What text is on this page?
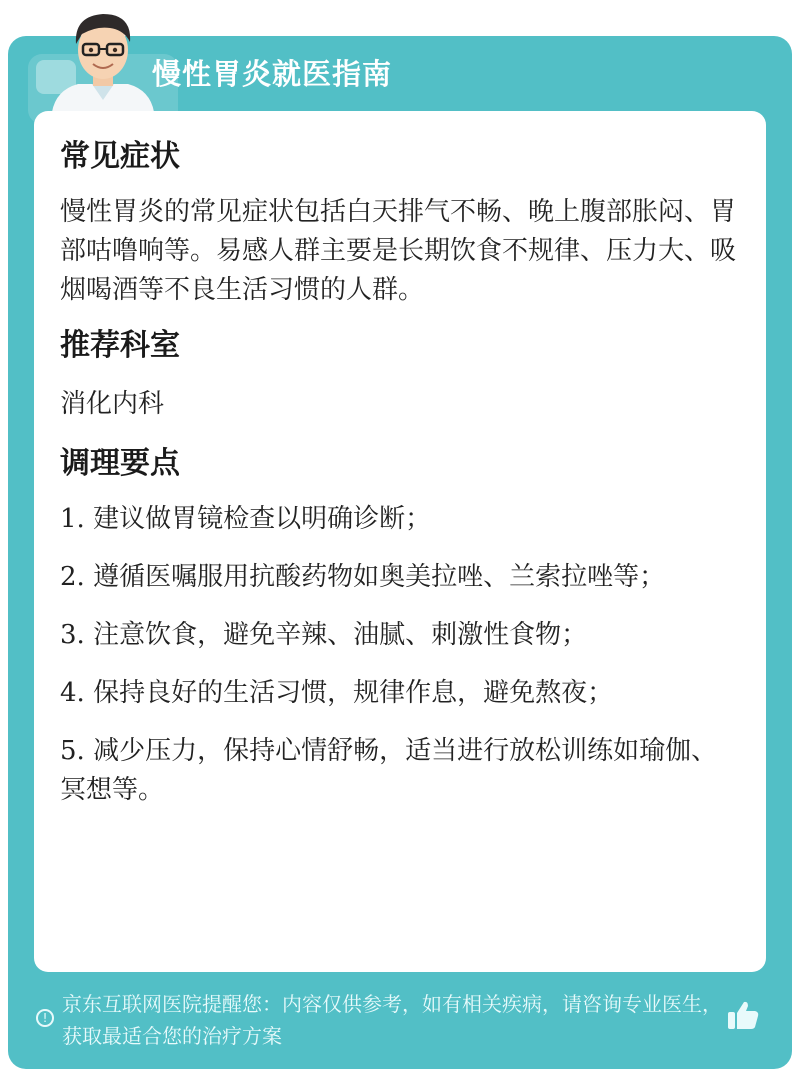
慢性胃炎就医指南
常见症状

慢性胃炎的常见症状包括白天排气不畅、晚上腹部胀闷、胃部咕噜响等。易感人群主要是长期饮食不规律、压力大、吸烟喝酒等不良生活习惯的人群。

推荐科室

消化内科

调理要点
1. 建议做胃镜检查以明确诊断；
2. 遵循医嘱服用抗酸药物如奥美拉唑、兰索拉唑等；
3. 注意饮食，避免辛辣、油腻、刺激性食物；
4. 保持良好的生活习惯，规律作息，避免熬夜；
5. 减少压力，保持心情舒畅，适当进行放松训练如瑜伽、冥想等。
!
京东互联网医院提醒您：内容仅供参考，如有相关疾病，请咨询专业医生，获取最适合您的治疗方案
